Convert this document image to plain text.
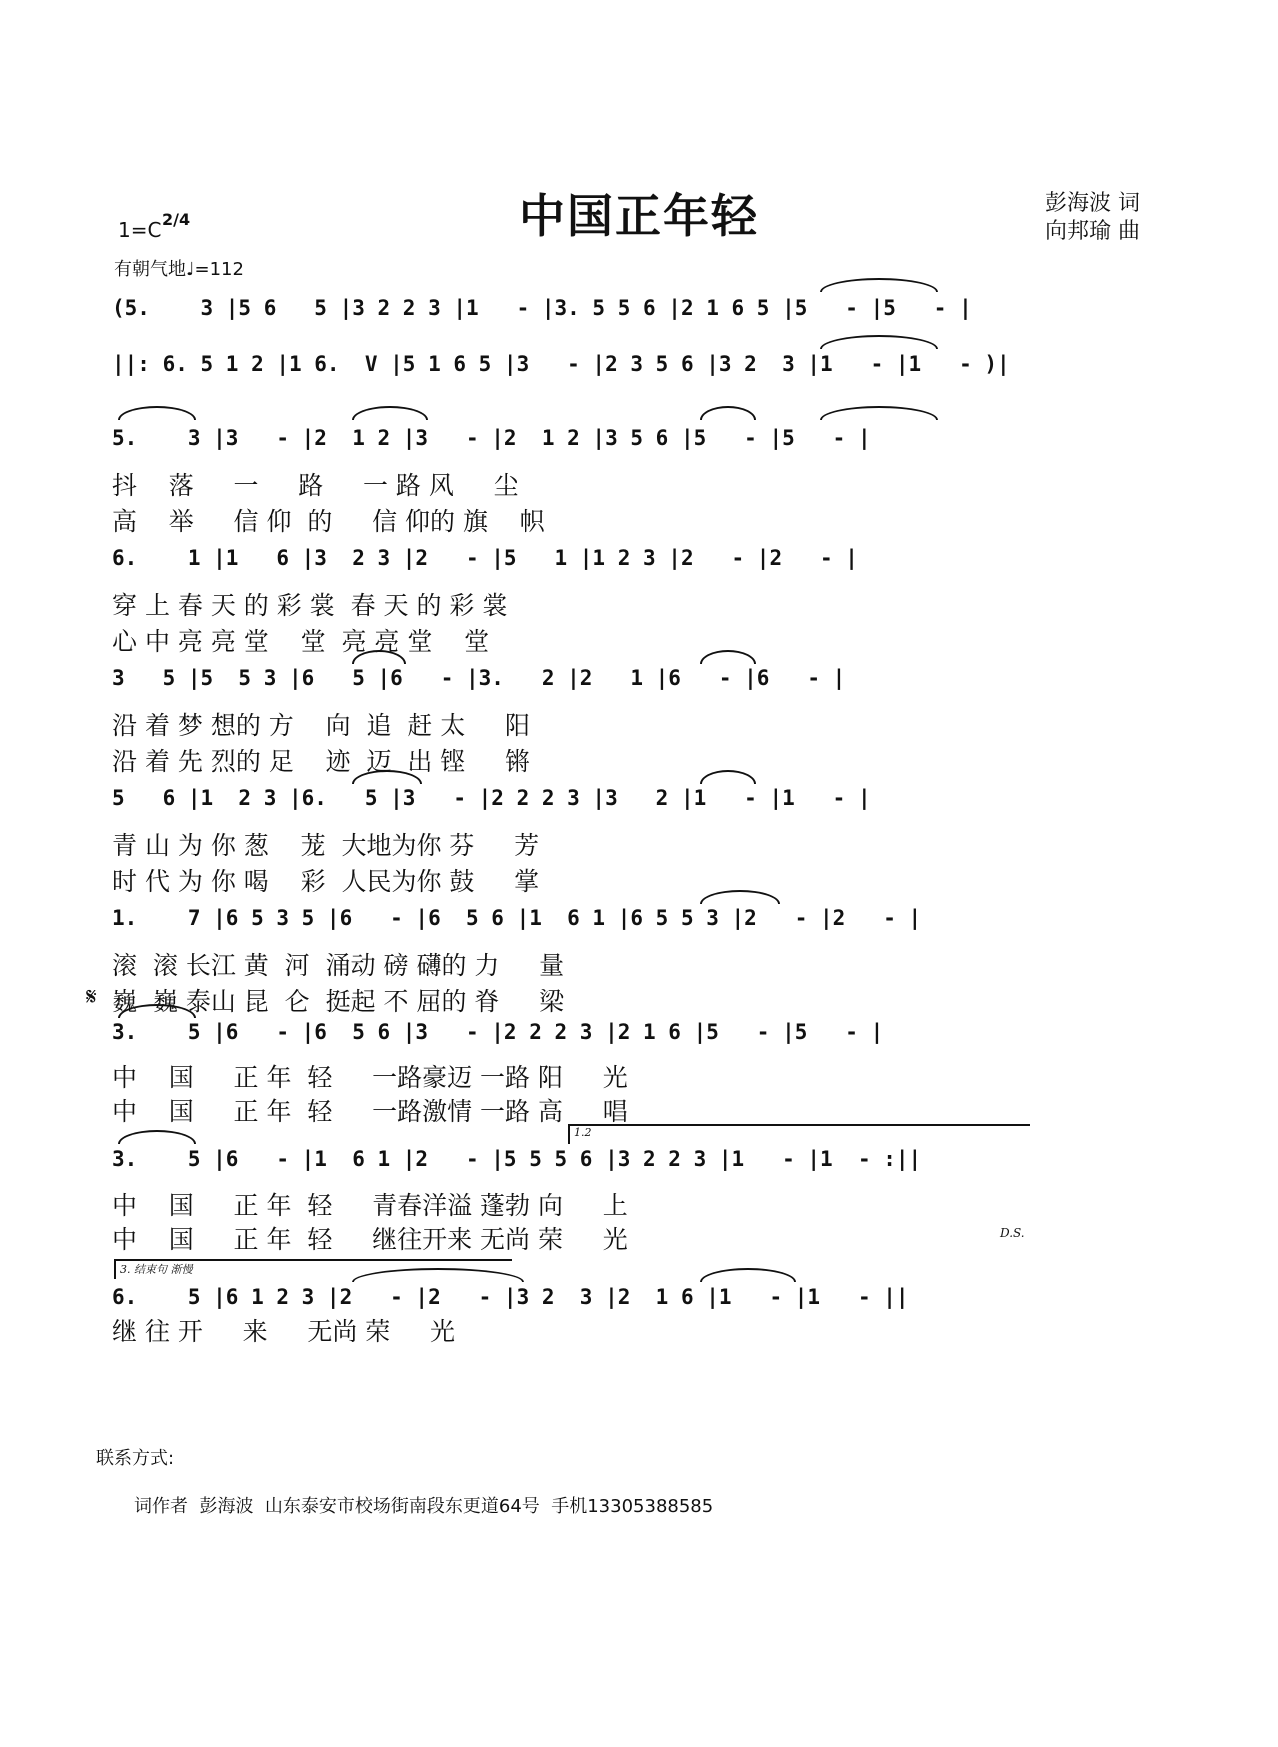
中国正年轻	彭海波 词
向邦瑜 曲
1=C 2/4
有朝气地♩=112
(5.    3 |5 6   5 |3 2 2 3 |1   - |3. 5 5 6 |2 1 6 5 |5   - |5   - |
||: 6. 5 1 2 |1 6.  V |5 1 6 5 |3   - |2 3 5 6 |3 2  3 |1   - |1   - )|
5.    3 |3   - |2  1 2 |3   - |2  1 2 |3 5 6 |5   - |5   - |
抖    落     一     路     一 路 风     尘
高    举     信 仰  的     信 仰的 旗    帜
6.    1 |1   6 |3  2 3 |2   - |5   1 |1 2 3 |2   - |2   - |
穿 上 春 天 的 彩 裳  春 天 的 彩 裳
心 中 亮 亮 堂    堂  亮 亮 堂    堂
3   5 |5  5 3 |6   5 |6   - |3.   2 |2   1 |6   - |6   - |
沿 着 梦 想的 方    向  追  赶 太     阳
沿 着 先 烈的 足    迹  迈  出 铿     锵
5   6 |1  2 3 |6.   5 |3   - |2 2 2 3 |3   2 |1   - |1   - |
青 山 为 你 葱    茏  大地为你 芬     芳
时 代 为 你 喝    彩  人民为你 鼓     掌
1.    7 |6 5 3 5 |6   - |6  5 6 |1  6 1 |6 5 5 3 |2   - |2   - |
滚  滚 长江 黄  河  涌动 磅 礴的 力     量
巍  巍 泰山 昆  仑  挺起 不 屈的 脊     梁
𝄋
3.    5 |6   - |6  5 6 |3   - |2 2 2 3 |2 1 6 |5   - |5   - |
中    国     正 年  轻     一路豪迈 一路 阳     光
中    国     正 年  轻     一路激情 一路 高     唱
3.    5 |6   - |1  6 1 |2   - |5 5 5 6 |3 2 2 3 |1   - |1  - :||
中    国     正 年  轻     青春洋溢 蓬勃 向     上
中    国     正 年  轻     继往开来 无尚 荣     光	D.S.
6.    5 |6 1 2 3 |2   - |2   - |3 2  3 |2  1 6 |1   - |1   - ||
继 往 开     来     无尚 荣     光
1.2
3. 结束句 渐慢
联系方式:
词作者  彭海波  山东泰安市校场街南段东更道64号  手机13305388585
